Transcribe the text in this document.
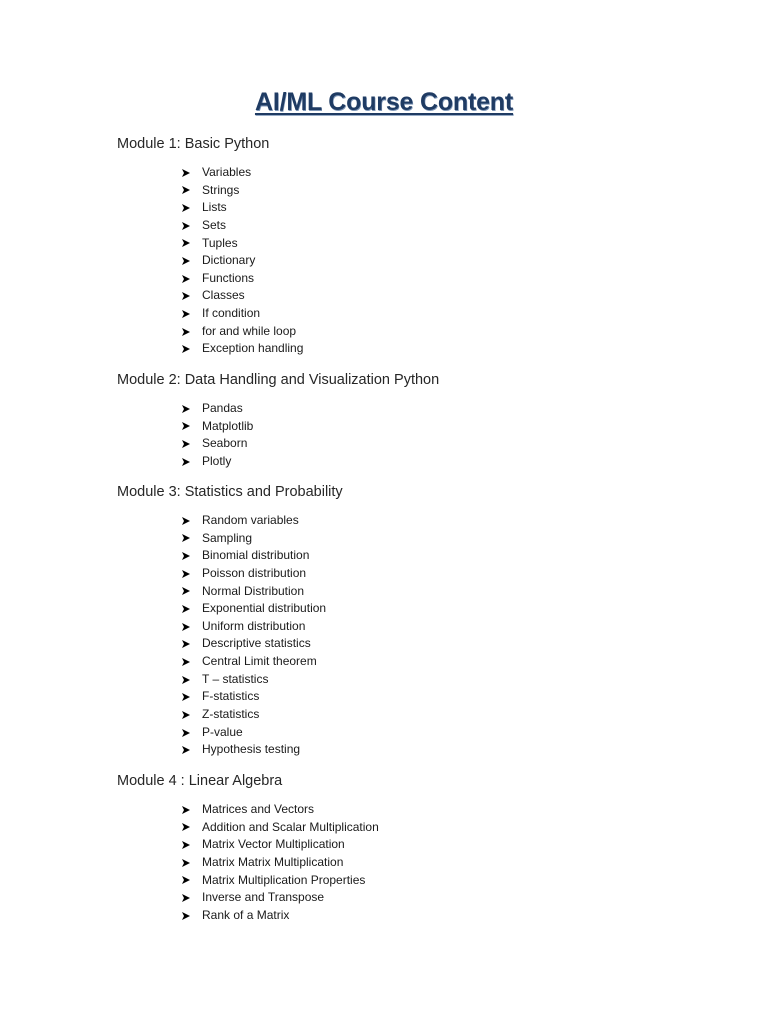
AI/ML Course Content
Module 1: Basic Python
Variables
Strings
Lists
Sets
Tuples
Dictionary
Functions
Classes
If condition
for and while loop
Exception handling
Module 2: Data Handling and Visualization Python
Pandas
Matplotlib
Seaborn
Plotly
Module 3: Statistics and Probability
Random variables
Sampling
Binomial distribution
Poisson distribution
Normal Distribution
Exponential distribution
Uniform distribution
Descriptive statistics
Central Limit theorem
T – statistics
F-statistics
Z-statistics
P-value
Hypothesis testing
Module 4 : Linear Algebra
Matrices and Vectors
Addition and Scalar Multiplication
Matrix Vector Multiplication
Matrix Matrix Multiplication
Matrix Multiplication Properties
Inverse and Transpose
Rank of a Matrix
